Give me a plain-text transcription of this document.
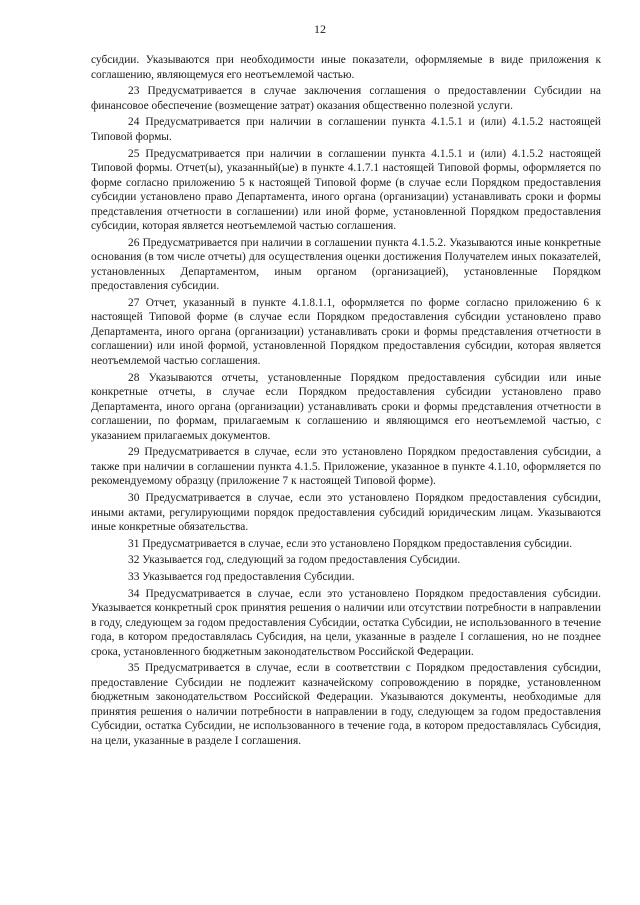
12

субсидии. Указываются при необходимости иные показатели, оформляемые в виде приложения к соглашению, являющемуся его неотъемлемой частью.

23 Предусматривается в случае заключения соглашения о предоставлении Субсидии на финансовое обеспечение (возмещение затрат) оказания общественно полезной услуги.

24 Предусматривается при наличии в соглашении пункта 4.1.5.1 и (или) 4.1.5.2 настоящей Типовой формы.

25 Предусматривается при наличии в соглашении пункта 4.1.5.1 и (или) 4.1.5.2 настоящей Типовой формы. Отчет(ы), указанный(ые) в пункте 4.1.7.1 настоящей Типовой формы, оформляется по форме согласно приложению 5 к настоящей Типовой форме (в случае если Порядком предоставления субсидии установлено право Департамента, иного органа (организации) устанавливать сроки и формы представления отчетности в соглашении) или иной форме, установленной Порядком предоставления субсидии, которая является неотъемлемой частью соглашения.

26 Предусматривается при наличии в соглашении пункта 4.1.5.2. Указываются иные конкретные основания (в том числе отчеты) для осуществления оценки достижения Получателем иных показателей, установленных Департаментом, иным органом (организацией), установленные Порядком предоставления субсидии.

27 Отчет, указанный в пункте 4.1.8.1.1, оформляется по форме согласно приложению 6 к настоящей Типовой форме (в случае если Порядком предоставления субсидии установлено право Департамента, иного органа (организации) устанавливать сроки и формы представления отчетности в соглашении) или иной формой, установленной Порядком предоставления субсидии, которая является неотъемлемой частью соглашения.

28 Указываются отчеты, установленные Порядком предоставления субсидии или иные конкретные отчеты, в случае если Порядком предоставления субсидии установлено право Департамента, иного органа (организации) устанавливать сроки и формы представления отчетности в соглашении, по формам, прилагаемым к соглашению и являющимся его неотъемлемой частью, с указанием прилагаемых документов.

29 Предусматривается в случае, если это установлено Порядком предоставления субсидии, а также при наличии в соглашении пункта 4.1.5. Приложение, указанное в пункте 4.1.10, оформляется по рекомендуемому образцу (приложение 7 к настоящей Типовой форме).

30 Предусматривается в случае, если это установлено Порядком предоставления субсидии, иными актами, регулирующими порядок предоставления субсидий юридическим лицам. Указываются иные конкретные обязательства.

31 Предусматривается в случае, если это установлено Порядком предоставления субсидии.

32 Указывается год, следующий за годом предоставления Субсидии.

33 Указывается год предоставления Субсидии.

34 Предусматривается в случае, если это установлено Порядком предоставления субсидии. Указывается конкретный срок принятия решения о наличии или отсутствии потребности в направлении в году, следующем за годом предоставления Субсидии, остатка Субсидии, не использованного в течение года, в котором предоставлялась Субсидия, на цели, указанные в разделе I соглашения, но не позднее срока, установленного бюджетным законодательством Российской Федерации.

35 Предусматривается в случае, если в соответствии с Порядком предоставления субсидии, предоставление Субсидии не подлежит казначейскому сопровождению в порядке, установленном бюджетным законодательством Российской Федерации. Указываются документы, необходимые для принятия решения о наличии потребности в направлении в году, следующем за годом предоставления Субсидии, остатка Субсидии, не использованного в течение года, в котором предоставлялась Субсидия, на цели, указанные в разделе I соглашения.
